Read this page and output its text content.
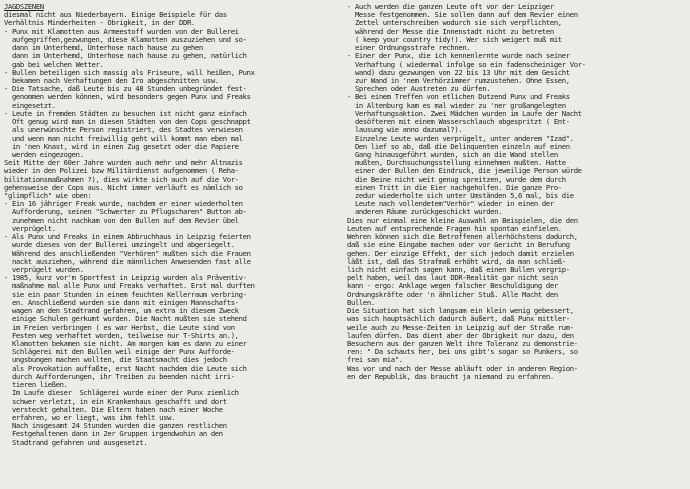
JAGDSZENEN
diesmal nicht aus Niederbayern. Einige Beispiele für das
Verhältnis Minderheiten - Obrigkeit, in der DDR.
- Punx mit Klamotten aus Armeestoff wurden von der Bullerei
aufgegriffen,gezwungen, diese Klamotten auszuziehen und so-
dann im Unterhemd, Unterhose nach hause zu gehen
dann im Unterhemd, Unterhose nach hause zu gehen, natürlich
gab bei welchen Wetter.
- Bullen beteiligen sich massig als Friseure, will heißen, Punx
bekamen nach Verhaftungen den Iro abgeschnitten usw.
- Die Tatsache, daß Leute bis zu 48 Stunden unbegründet fest-
genommen werden können, wird besonders gegen Punx und Freaks
eingesetzt.
- Leute in fremden Städten zu besuchen ist nicht ganz einfach
Oft genug wird man in diesen Städten von den Cops geschnappt
als unerwünschte Person registriert, des Stadtes verwiesen
und wenn man nicht freiwillig geht will kommt man eben mal
in 'nen Knast, wird in einen Zug gesetzt oder die Papiere
werden eingezogen.
Seit Mitte der 60er Jahre wurden auch mehr und mehr Altnazis
wieder in den Polizei bzw Militärdienst aufgenommen ( Reha-
bilitationsmaßnahmen ?), dies wirkte sich auch auf die Vor-
gehensweise der Cops aus. Nicht immer verläuft es nämlich so
"glimpflich" wie oben:
- Ein 16 jähriger Freak wurde, nachdem er einer wiederholten
Aufforderung, seinen "Schwerter zu Pflugscharen" Button ab-
zunehmen nicht nachkam von den Bullen auf dem Revier übel
verprügelt.
- Als Punx und Freaks in einem Abbruchhaus in Leipzig feierten
wurde dieses von der Bullerei umzingelt und abgeriegelt.
Während des anschließenden "Verhören" mußten sich die Frauen
nackt ausziehen, während die männlichen Anwesenden fast alle
verprügelt wurden.
- 1985, kurz vor'm Sportfest in Leipzig wurden als Präventiv-
maßnahme mal alle Punx und Freaks verhaftet. Erst mal durften
sie ein paar Stunden in einem feuchten Kellerraum verbring-
en. Anschließend wurden sie dann mit einigen Mannschafts-
wagen an den Stadtrand gefahren, um extra in diesem Zweck
einige Schulen gerkumt wurden. Die Nacht mußten sie stehend
im Freien verbringen ( es war Herbst, die Leute sind von
Festen weg verhaftet worden, teilweise nur T-Shirts an.),
Klamotten bekamen sie nicht. Am morgen kam es dann zu einer
Schlägerei mit den Bullen weil einige der Punx Aufforde-
ungsbungen machen wollten, die Staatsmacht dies jedoch
als Provokation auffaßte, erst Nacht nachdem die Leute sich
durch Aufforderungen, ihr Treiben zu beenden nicht irri-
tieren ließen.
Im Laufe dieser  Schlägerei wurde einer der Punx ziemlich
schwer verletzt, in ein Krankenhaus geschafft und dort
versteckt gehalten. Die Eltern haben nach einer Woche
erfahren, wo er liegt, was ihm fehlt usw.
Nach insgesamt 24 Stunden wurden die ganzen restlichen
Festgehaltenen dann in 2er Gruppen irgendwohin an den
Stadtrand gefahren und ausgesetzt.
- Auch werden die ganzen Leute oft vor der Leipziger
Messe festgenommen. Sie sollen dann auf dem Revier einen
Zettel unterschreiben wodurch sie sich verpflichten,
während der Messe die Innenstadt nicht zu betreten
( keep your country tidy!). Wer sich weigert muß mit
einer Ordnungsstrafe rechnen.
- Einer der Punx, die ich kennenlernte wurde nach seiner
Verhaftung ( wiedermal infolge so ein fadenscheiniger Vor-
wand) dazu gezwungen von 22 bis 13 Uhr mit dem Gesicht
zur Wand in 'nem Verhörzimmer rumzustehen. Ohne Essen,
Sprechen oder Austreten zu dürfen.
- Bei einem Treffen von etlichen Dutzend Punx und Freaks
in Altenburg kam es mal wieder zu 'ner großangelegten
Verhaftungsaktion. Zwei Mädchen wurden im Laufe der Nacht
desöfteren mit einem Wasserschlauch abgespritzt ( Ent-
lausung wie anno dazumal?).
Einzelne Leute wurden verprügelt, unter anderem "Izad".
Den lief so ab, daß die Delinquenten einzeln auf einen
Gang hinausgeführt wurden, sich an die Wand stellen
mußten, Durchsuchungsstellung einnehmen mußten. Hatte
einer der Bullen den Eindruck, die jeweilige Person würde
die Beine nicht weit genug spreitzen, wurde dem durch
einen Tritt in die Eier nachgeholfen. Die ganze Pro-
zedur wiederholte sich unter Umständen 5,6 mal, bis die
Leute nach vollendetem"Verhör" wieder in einen der
anderen Räume zurückgeschickt wurden.
Dies nur einmal eine kleine Auswahl an Beispielen, die den
Leuten auf entsprechende Fragen hin spontan einfielen.
Wehren können sich die Betroffenen allerhöchstens dadurch,
daß sie eine Eingabe machen oder vor Gericht in Berufung
gehen. Der einzige Effekt, der sich jedoch damit erzielen
läßt ist, daß das Strafmaß erhöht wird, da man schließ-
lich nicht einfach sagen kann, daß einen Bullen vergrip-
pelt haben, weil das laut DDR-Realität gar nicht sein
kann - ergo: Anklage wegen falscher Beschuldigung der
Ordnungskräfte oder 'n ähnlicher Stuß. Alle Macht den
Bullen.
Die Situation hat sich langsam ein klein wenig gebessert,
was sich hauptsächlich dadurch äußert, daß Punx mittler-
weile auch zu Messe-Zeiten in Leipzig auf der Straße rum-
laufen dürfen. Das dient aber der Obrigkeit nur dazu, den
Besuchern aus der ganzen Welt ihre Toleranz zu demonstrie-
ren: " Da schauts her, bei uns gibt's sogar so Punkers, so
frei san mia".
Was vor und nach der Messe abläuft oder in anderen Region-
en der Republik, das braucht ja niemand zu erfahren.
